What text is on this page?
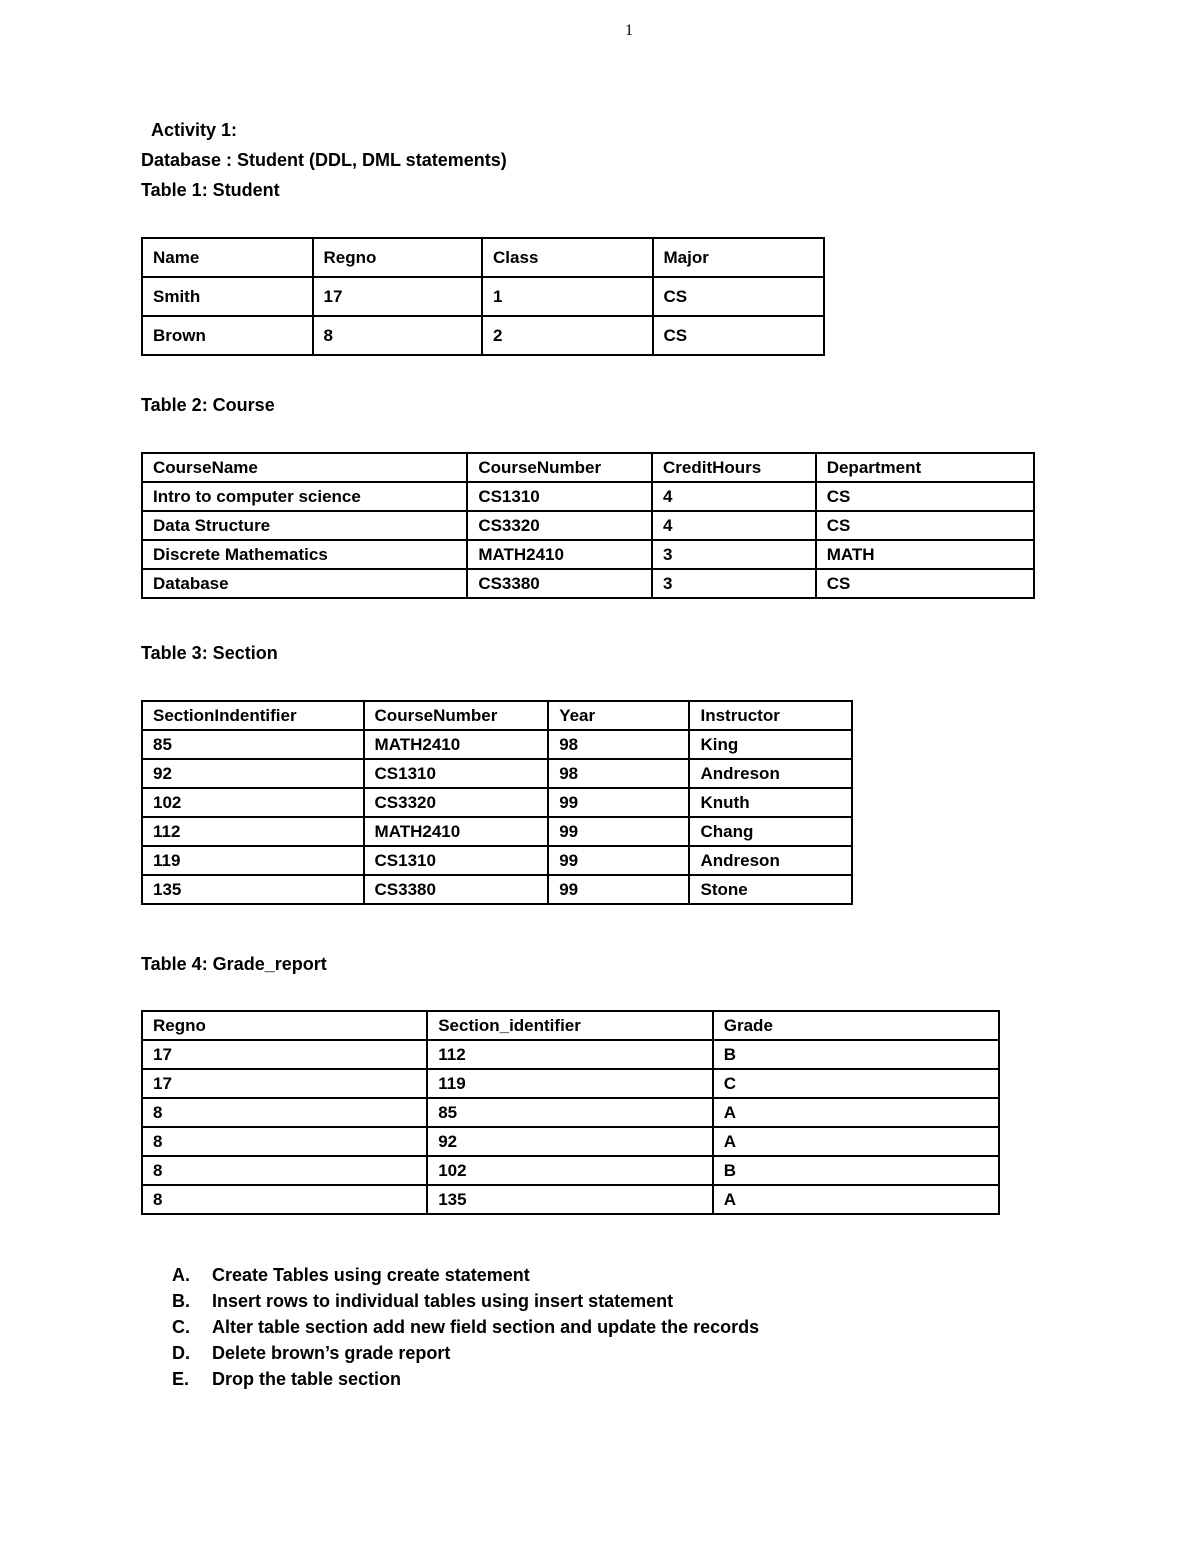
1
Activity 1:
Database : Student (DDL, DML statements)
Table 1: Student
Name	Regno	Class	Major
Smith	17	1	CS
Brown	8	2	CS
Table 2: Course
CourseName	CourseNumber	CreditHours	Department
Intro to computer science	CS1310	4	CS
Data Structure	CS3320	4	CS
Discrete Mathematics	MATH2410	3	MATH
Database	CS3380	3	CS
Table 3: Section
SectionIndentifier	CourseNumber	Year	Instructor
85	MATH2410	98	King
92	CS1310	98	Andreson
102	CS3320	99	Knuth
112	MATH2410	99	Chang
119	CS1310	99	Andreson
135	CS3380	99	Stone
Table 4: Grade_report
Regno	Section_identifier	Grade
17	112	B
17	119	C
8	85	A
8	92	A
8	102	B
8	135	A
A.	Create Tables using create statement
B.	Insert rows to individual tables using insert statement
C.	Alter table section add new field section and update the records
D.	Delete brown’s grade report
E.	Drop the table section
